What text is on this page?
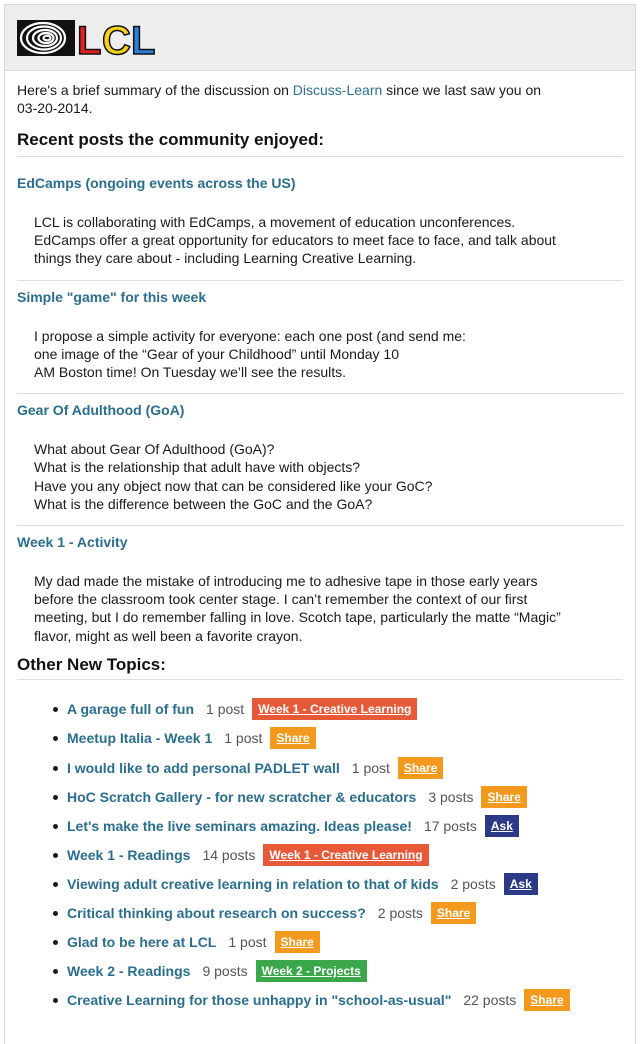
L C L
Here's a brief summary of the discussion on Discuss-Learn since we last saw you on
03-20-2014.
Recent posts the community enjoyed:
EdCamps (ongoing events across the US)
LCL is collaborating with EdCamps, a movement of education unconferences.
EdCamps offer a great opportunity for educators to meet face to face, and talk about
things they care about - including Learning Creative Learning.
Simple "game" for this week
I propose a simple activity for everyone: each one post (and send me:
one image of the “Gear of your Childhood” until Monday 10
AM Boston time! On Tuesday we’ll see the results.
Gear Of Adulthood (GoA)
What about Gear Of Adulthood (GoA)?
What is the relationship that adult have with objects?
Have you any object now that can be considered like your GoC?
What is the difference between the GoC and the GoA?
Week 1 - Activity
My dad made the mistake of introducing me to adhesive tape in those early years
before the classroom took center stage. I can’t remember the context of our first
meeting, but I do remember falling in love. Scotch tape, particularly the matte “Magic”
flavor, might as well been a favorite crayon.
Other New Topics:
A garage full of fun 1 post	Week 1 - Creative Learning
Meetup Italia - Week 1 1 post	Share
I would like to add personal PADLET wall 1 post	Share
HoC Scratch Gallery - for new scratcher & educators 3 posts	Share
Let's make the live seminars amazing. Ideas please! 17 posts	Ask
Week 1 - Readings 14 posts	Week 1 - Creative Learning
Viewing adult creative learning in relation to that of kids 2 posts	Ask
Critical thinking about research on success? 2 posts	Share
Glad to be here at LCL 1 post	Share
Week 2 - Readings 9 posts	Week 2 - Projects
Creative Learning for those unhappy in "school-as-usual" 22 posts	Share
